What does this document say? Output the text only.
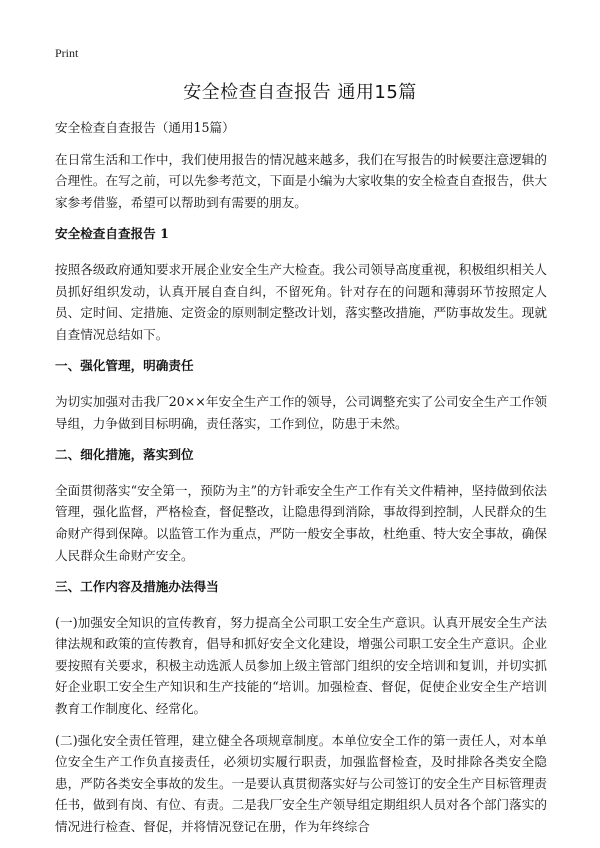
Print
安全检查自查报告 通用15篇

安全检查自查报告（通用15篇）

在日常生活和工作中，我们使用报告的情况越来越多，我们在写报告的时候要注意逻辑的合理性。在写之前，可以先参考范文，下面是小编为大家收集的安全检查自查报告，供大家参考借鉴，希望可以帮助到有需要的朋友。

安全检查自查报告 1

按照各级政府通知要求开展企业安全生产大检查。我公司领导高度重视，积极组织相关人员抓好组织发动，认真开展自查自纠，不留死角。针对存在的问题和薄弱环节按照定人员、定时间、定措施、定资金的原则制定整改计划，落实整改措施，严防事故发生。现就自查情况总结如下。

一、强化管理，明确责任

为切实加强对击我厂20××年安全生产工作的领导，公司调整充实了公司安全生产工作领导组，力争做到目标明确，责任落实，工作到位，防患于未然。

二、细化措施，落实到位

全面贯彻落实“安全第一，预防为主”的方针乖安全生产工作有关文件精神，坚持做到依法管理，强化监督，严格检查，督促整改，让隐患得到消除，事故得到控制，人民群众的生命财产得到保障。以监管工作为重点，严防一般安全事故，杜绝重、特大安全事故，确保人民群众生命财产安全。

三、工作内容及措施办法得当

(一)加强安全知识的宣传教育，努力提高全公司职工安全生产意识。认真开展安全生产法律法规和政策的宣传教育，倡导和抓好安全文化建设，增强公司职工安全生产意识。企业要按照有关要求，积极主动选派人员参加上级主管部门组织的安全培训和复训，并切实抓好企业职工安全生产知识和生产技能的“培训。加强检查、督促，促使企业安全生产培训教育工作制度化、经常化。

(二)强化安全责任管理，建立健全各项规章制度。本单位安全工作的第一责任人，对本单位安全生产工作负直接责任，必须切实履行职责，加强监督检查，及时排除各类安全隐患，严防各类安全事故的发生。一是要认真贯彻落实好与公司签订的安全生产目标管理责任书，做到有岗、有位、有责。二是我厂安全生产领导组定期组织人员对各个部门落实的情况进行检查、督促，并将情况登记在册，作为年终综合
